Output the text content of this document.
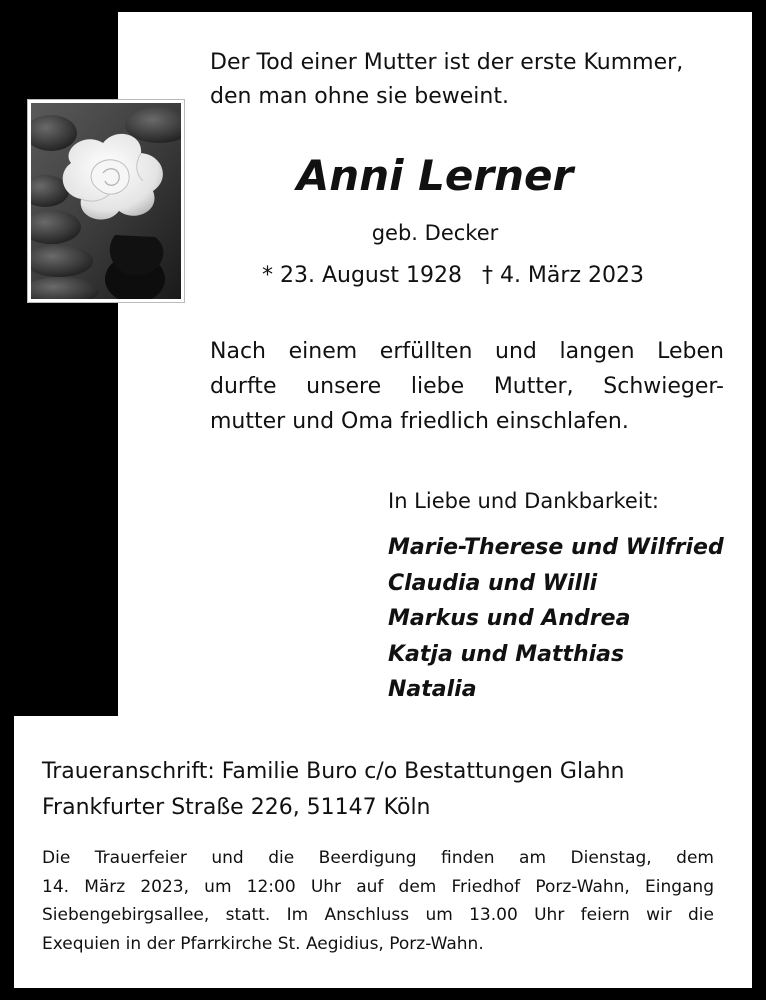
Der Tod einer Mutter ist der erste Kummer,
den man ohne sie beweint.
Anni Lerner
geb. Decker
* 23. August 1928 † 4. März 2023
Nach einem erfüllten und langen Leben
durfte unsere liebe Mutter, Schwieger-
mutter und Oma friedlich einschlafen.
In Liebe und Dankbarkeit:
Marie-Therese und Wilfried
Claudia und Willi
Markus und Andrea
Katja und Matthias
Natalia
Traueranschrift: Familie Buro c/o Bestattungen Glahn
Frankfurter Straße 226, 51147 Köln
Die Trauerfeier und die Beerdigung finden am Dienstag, dem
14. März 2023, um 12:00 Uhr auf dem Friedhof Porz-Wahn, Eingang
Siebengebirgsallee, statt. Im Anschluss um 13.00 Uhr feiern wir die
Exequien in der Pfarrkirche St. Aegidius, Porz-Wahn.
